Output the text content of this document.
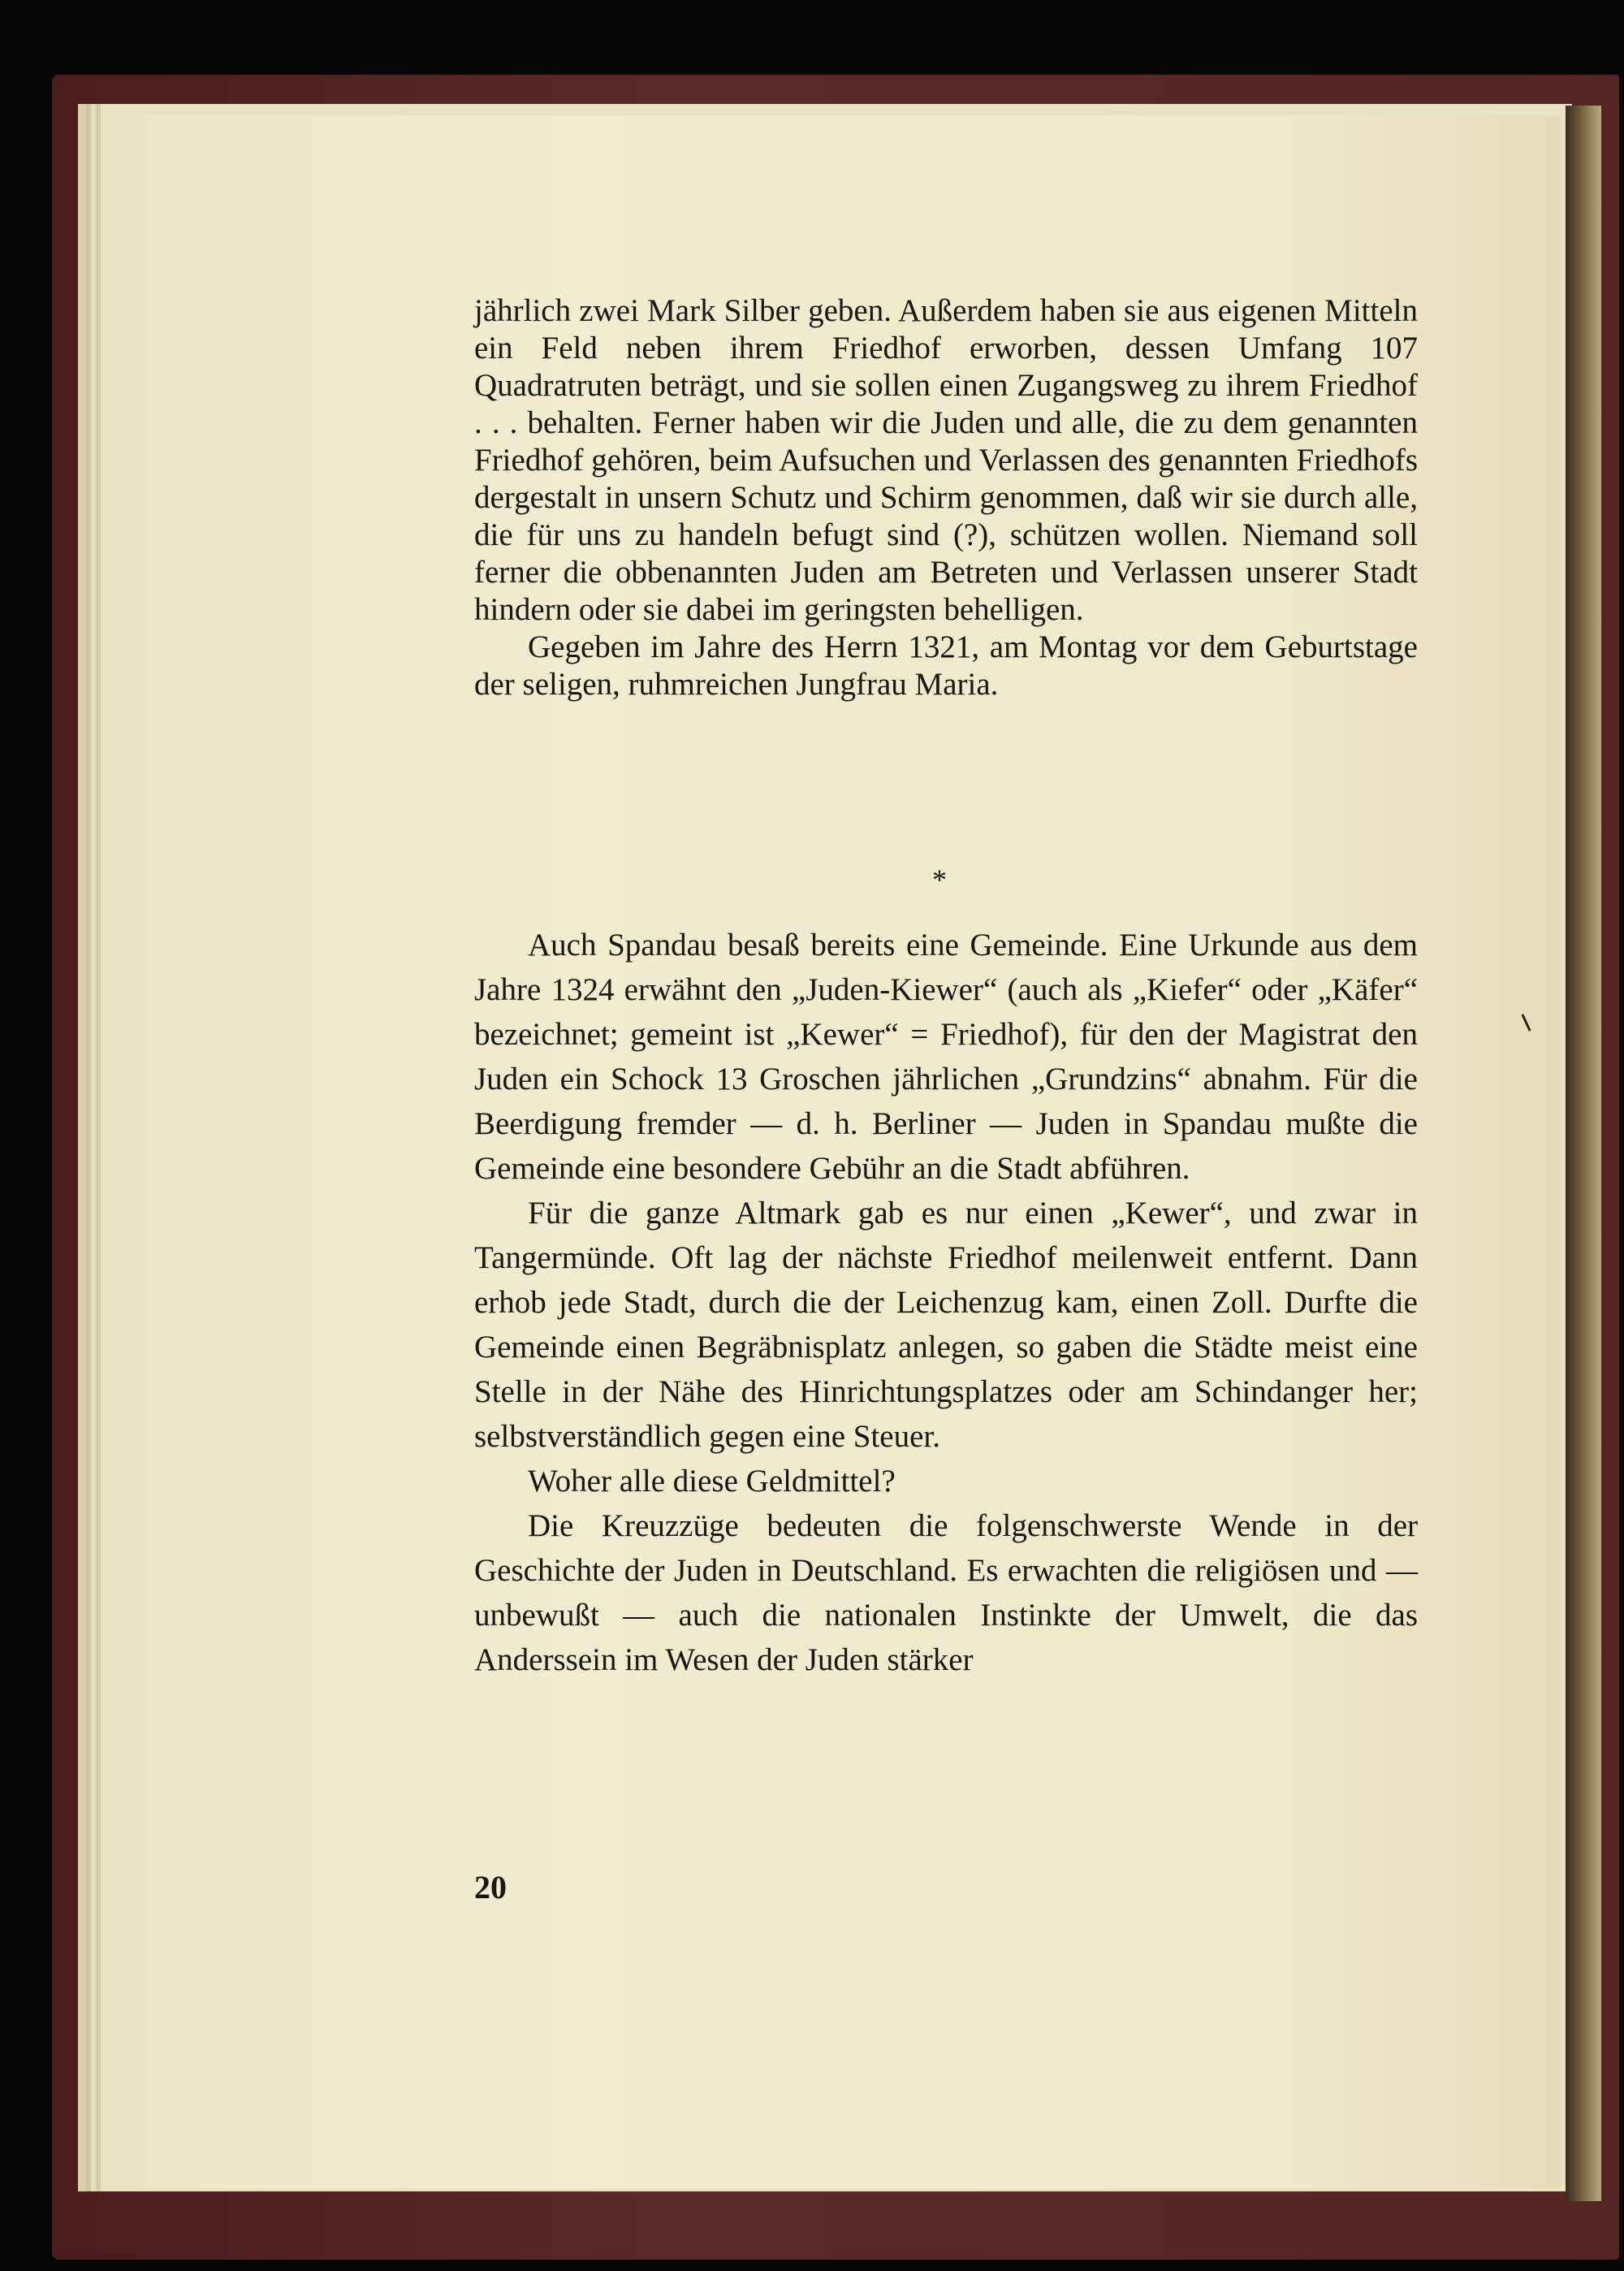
jährlich zwei Mark Silber geben. Außerdem haben sie aus eigenen Mitteln ein Feld neben ihrem Friedhof erworben, dessen Umfang 107 Quadratruten beträgt, und sie sollen einen Zugangsweg zu ihrem Friedhof . . . behalten. Ferner haben wir die Juden und alle, die zu dem genannten Friedhof gehören, beim Aufsuchen und Verlassen des genannten Friedhofs dergestalt in unsern Schutz und Schirm genommen, daß wir sie durch alle, die für uns zu handeln befugt sind (?), schützen wollen. Niemand soll ferner die obbenannten Juden am Betreten und Verlassen unserer Stadt hindern oder sie dabei im geringsten behelligen.

Gegeben im Jahre des Herrn 1321, am Montag vor dem Geburtstage der seligen, ruhmreichen Jungfrau Maria.

*

Auch Spandau besaß bereits eine Gemeinde. Eine Urkunde aus dem Jahre 1324 erwähnt den „Juden-Kiewer“ (auch als „Kiefer“ oder „Käfer“ bezeichnet; gemeint ist „Kewer“ = Friedhof), für den der Magistrat den Juden ein Schock 13 Groschen jährlichen „Grundzins“ abnahm. Für die Beerdigung fremder — d. h. Berliner — Juden in Spandau mußte die Gemeinde eine besondere Gebühr an die Stadt abführen.

Für die ganze Altmark gab es nur einen „Kewer“, und zwar in Tangermünde. Oft lag der nächste Friedhof meilenweit entfernt. Dann erhob jede Stadt, durch die der Leichenzug kam, einen Zoll. Durfte die Gemeinde einen Begräbnisplatz anlegen, so gaben die Städte meist eine Stelle in der Nähe des Hinrichtungsplatzes oder am Schindanger her; selbstverständlich gegen eine Steuer.

Woher alle diese Geldmittel?

Die Kreuzzüge bedeuten die folgenschwerste Wende in der Geschichte der Juden in Deutschland. Es erwachten die religiösen und — unbewußt — auch die nationalen Instinkte der Umwelt, die das Anderssein im Wesen der Juden stärker

20
